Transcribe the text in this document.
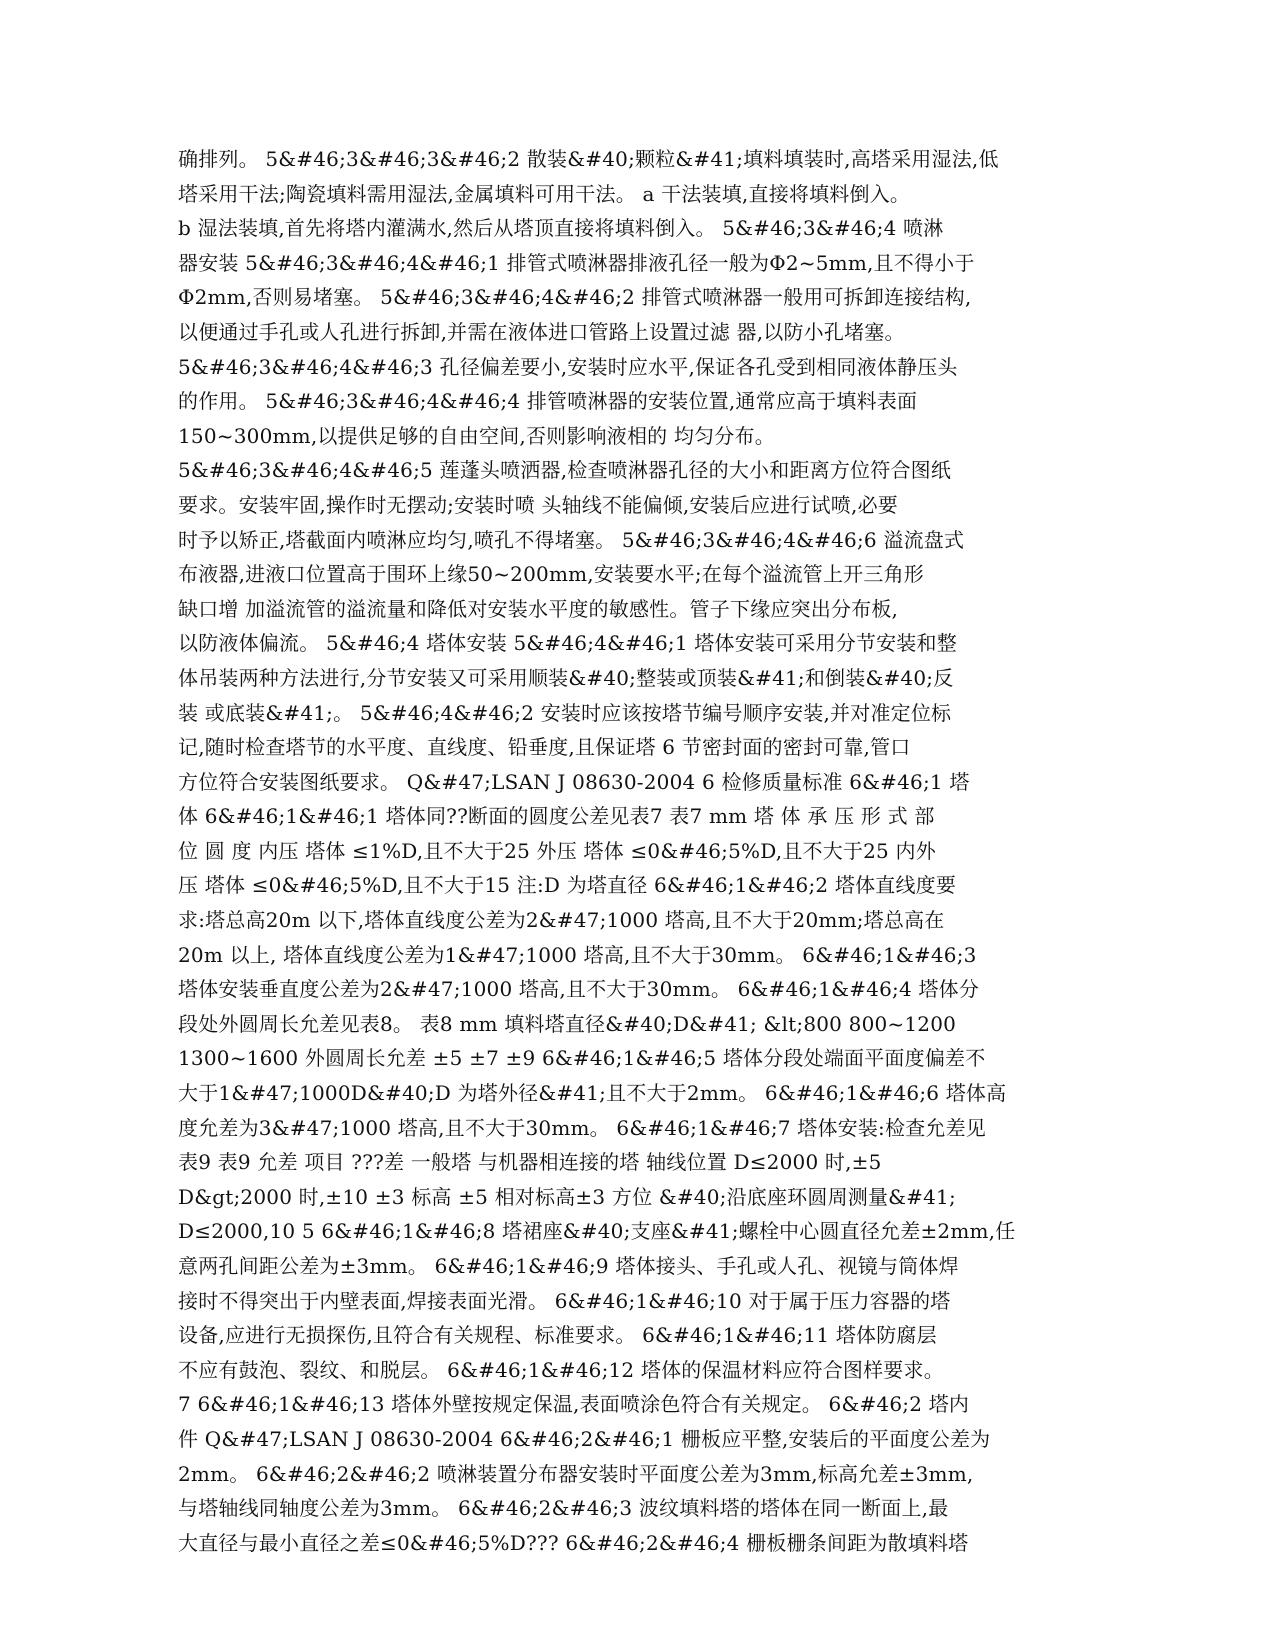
确排列。 5&#46;3&#46;3&#46;2 散装&#40;颗粒&#41;填料填装时,高塔采用湿法,低
塔采用干法;陶瓷填料需用湿法,金属填料可用干法。 a 干法装填,直接将填料倒入。
b 湿法装填,首先将塔内灌满水,然后从塔顶直接将填料倒入。 5&#46;3&#46;4 喷淋
器安装 5&#46;3&#46;4&#46;1 排管式喷淋器排液孔径一般为Φ2~5mm,且不得小于
Φ2mm,否则易堵塞。 5&#46;3&#46;4&#46;2 排管式喷淋器一般用可拆卸连接结构,
以便通过手孔或人孔进行拆卸,并需在液体进口管路上设置过滤 器,以防小孔堵塞。
5&#46;3&#46;4&#46;3 孔径偏差要小,安装时应水平,保证各孔受到相同液体静压头
的作用。 5&#46;3&#46;4&#46;4 排管喷淋器的安装位置,通常应高于填料表面
150~300mm,以提供足够的自由空间,否则影响液相的 均匀分布。
5&#46;3&#46;4&#46;5 莲蓬头喷洒器,检查喷淋器孔径的大小和距离方位符合图纸
要求。安装牢固,操作时无摆动;安装时喷 头轴线不能偏倾,安装后应进行试喷,必要
时予以矫正,塔截面内喷淋应均匀,喷孔不得堵塞。 5&#46;3&#46;4&#46;6 溢流盘式
布液器,进液口位置高于围环上缘50~200mm,安装要水平;在每个溢流管上开三角形
缺口增 加溢流管的溢流量和降低对安装水平度的敏感性。管子下缘应突出分布板,
以防液体偏流。 5&#46;4 塔体安装 5&#46;4&#46;1 塔体安装可采用分节安装和整
体吊装两种方法进行,分节安装又可采用顺装&#40;整装或顶装&#41;和倒装&#40;反
装 或底装&#41;。 5&#46;4&#46;2 安装时应该按塔节编号顺序安装,并对准定位标
记,随时检查塔节的水平度、直线度、铅垂度,且保证塔 6 节密封面的密封可靠,管口
方位符合安装图纸要求。 Q&#47;LSAN J 08630-2004 6 检修质量标准 6&#46;1 塔
体 6&#46;1&#46;1 塔体同??断面的圆度公差见表7 表7 mm 塔 体 承 压 形 式 部
位 圆 度 内压 塔体 ≤1%D,且不大于25 外压 塔体 ≤0&#46;5%D,且不大于25 内外
压 塔体 ≤0&#46;5%D,且不大于15 注:D 为塔直径 6&#46;1&#46;2 塔体直线度要
求:塔总高20m 以下,塔体直线度公差为2&#47;1000 塔高,且不大于20mm;塔总高在
20m 以上, 塔体直线度公差为1&#47;1000 塔高,且不大于30mm。 6&#46;1&#46;3
塔体安装垂直度公差为2&#47;1000 塔高,且不大于30mm。 6&#46;1&#46;4 塔体分
段处外圆周长允差见表8。 表8 mm 填料塔直径&#40;D&#41; &lt;800 800~1200
1300~1600 外圆周长允差 ±5 ±7 ±9 6&#46;1&#46;5 塔体分段处端面平面度偏差不
大于1&#47;1000D&#40;D 为塔外径&#41;且不大于2mm。 6&#46;1&#46;6 塔体高
度允差为3&#47;1000 塔高,且不大于30mm。 6&#46;1&#46;7 塔体安装:检查允差见
表9 表9 允差 项目 ???差 一般塔 与机器相连接的塔 轴线位置 D≤2000 时,±5
D&gt;2000 时,±10 ±3 标高 ±5 相对标高±3 方位 &#40;沿底座环圆周测量&#41;
D≤2000,10 5 6&#46;1&#46;8 塔裙座&#40;支座&#41;螺栓中心圆直径允差±2mm,任
意两孔间距公差为±3mm。 6&#46;1&#46;9 塔体接头、手孔或人孔、视镜与筒体焊
接时不得突出于内壁表面,焊接表面光滑。 6&#46;1&#46;10 对于属于压力容器的塔
设备,应进行无损探伤,且符合有关规程、标准要求。 6&#46;1&#46;11 塔体防腐层
不应有鼓泡、裂纹、和脱层。 6&#46;1&#46;12 塔体的保温材料应符合图样要求。
7 6&#46;1&#46;13 塔体外壁按规定保温,表面喷涂色符合有关规定。 6&#46;2 塔内
件 Q&#47;LSAN J 08630-2004 6&#46;2&#46;1 栅板应平整,安装后的平面度公差为
2mm。 6&#46;2&#46;2 喷淋装置分布器安装时平面度公差为3mm,标高允差±3mm,
与塔轴线同轴度公差为3mm。 6&#46;2&#46;3 波纹填料塔的塔体在同一断面上,最
大直径与最小直径之差≤0&#46;5%D??? 6&#46;2&#46;4 栅板栅条间距为散填料塔
